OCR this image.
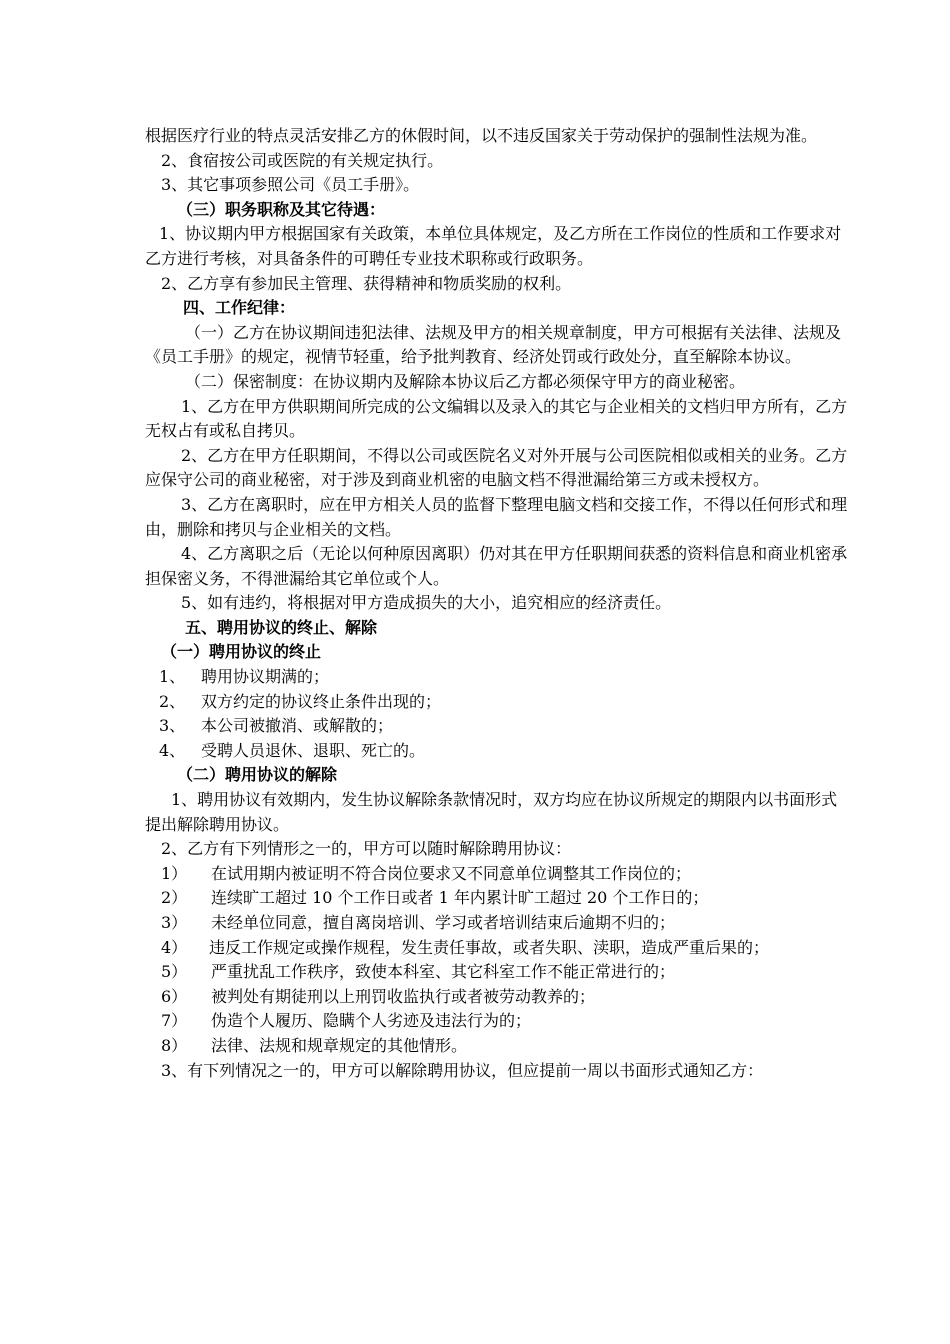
根据医疗行业的特点灵活安排乙方的休假时间，以不违反国家关于劳动保护的强制性法规为准。

2、食宿按公司或医院的有关规定执行。

3、其它事项参照公司《员工手册》。

（三）职务职称及其它待遇：

1、协议期内甲方根据国家有关政策，本单位具体规定，及乙方所在工作岗位的性质和工作要求对乙方进行考核，对具备条件的可聘任专业技术职称或行政职务。

2、乙方享有参加民主管理、获得精神和物质奖励的权利。

四、工作纪律：

（一）乙方在协议期间违犯法律、法规及甲方的相关规章制度，甲方可根据有关法律、法规及《员工手册》的规定，视情节轻重，给予批判教育、经济处罚或行政处分，直至解除本协议。

（二）保密制度：在协议期内及解除本协议后乙方都必须保守甲方的商业秘密。

1、乙方在甲方供职期间所完成的公文编辑以及录入的其它与企业相关的文档归甲方所有，乙方无权占有或私自拷贝。

2、乙方在甲方任职期间，不得以公司或医院名义对外开展与公司医院相似或相关的业务。乙方应保守公司的商业秘密，对于涉及到商业机密的电脑文档不得泄漏给第三方或未授权方。

3、乙方在离职时，应在甲方相关人员的监督下整理电脑文档和交接工作，不得以任何形式和理由，删除和拷贝与企业相关的文档。

4、乙方离职之后（无论以何种原因离职）仍对其在甲方任职期间获悉的资料信息和商业机密承担保密义务，不得泄漏给其它单位或个人。

5、如有违约，将根据对甲方造成损失的大小，追究相应的经济责任。

五、聘用协议的终止、解除

（一）聘用协议的终止

1、 聘用协议期满的；
2、 双方约定的协议终止条件出现的；
3、 本公司被撤消、或解散的；
4、 受聘人员退休、退职、死亡的。

（二）聘用协议的解除

1、聘用协议有效期内，发生协议解除条款情况时，双方均应在协议所规定的期限内以书面形式提出解除聘用协议。

2、乙方有下列情形之一的，甲方可以随时解除聘用协议：

1）	在试用期内被证明不符合岗位要求又不同意单位调整其工作岗位的；
2）	连续旷工超过 10 个工作日或者 1 年内累计旷工超过 20 个工作日的；
3）	未经单位同意，擅自离岗培训、学习或者培训结束后逾期不归的；
4）	违反工作规定或操作规程，发生责任事故，或者失职、渎职，造成严重后果的；
5）	严重扰乱工作秩序，致使本科室、其它科室工作不能正常进行的；
6）	被判处有期徒刑以上刑罚收监执行或者被劳动教养的；
7）	伪造个人履历、隐瞒个人劣迹及违法行为的；
8）	法律、法规和规章规定的其他情形。

3、有下列情况之一的，甲方可以解除聘用协议，但应提前一周以书面形式通知乙方：
